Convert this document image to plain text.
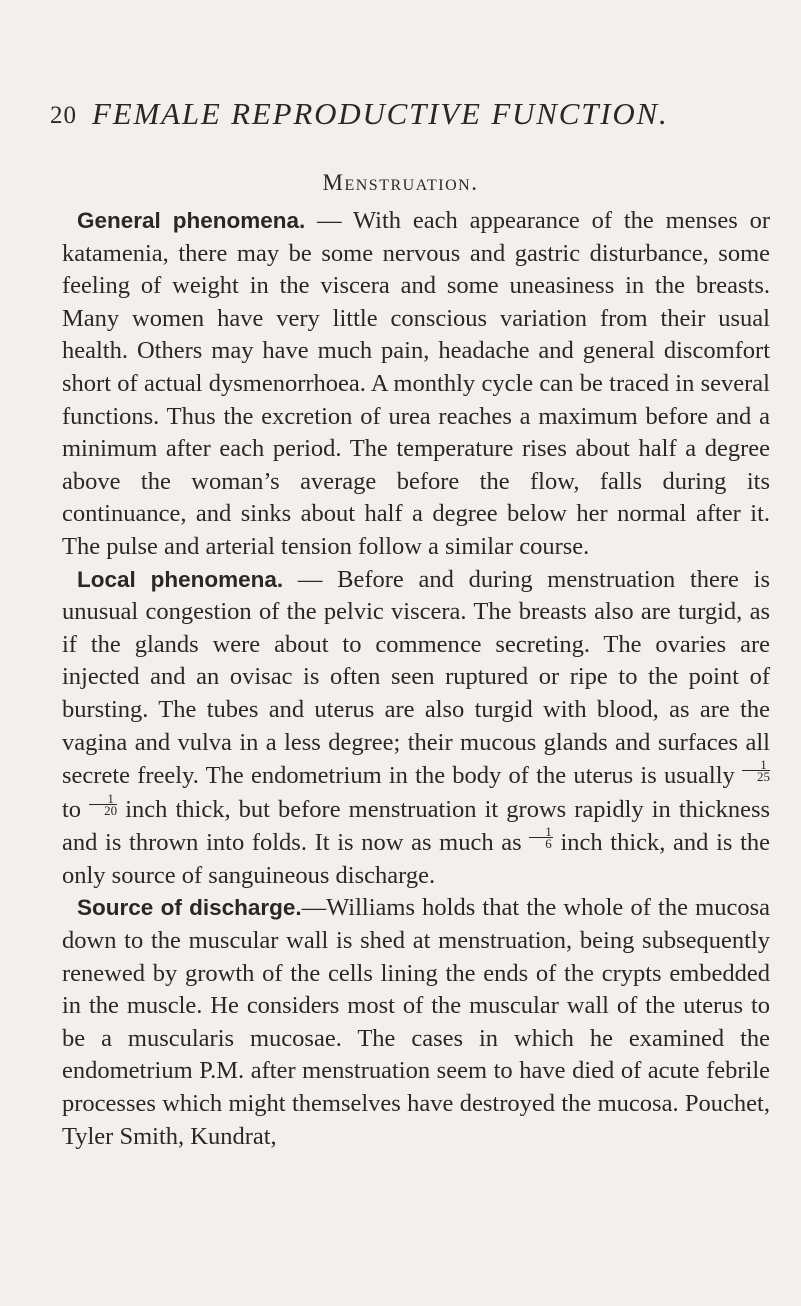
20 FEMALE REPRODUCTIVE FUNCTION.
Menstruation.

General phenomena. — With each appearance of the menses or katamenia, there may be some nervous and gastric disturbance, some feeling of weight in the viscera and some uneasiness in the breasts. Many women have very little conscious variation from their usual health. Others may have much pain, headache and general discomfort short of actual dysmenorrhoea. A monthly cycle can be traced in several functions. Thus the excretion of urea reaches a maximum before and a minimum after each period. The temperature rises about half a degree above the woman’s average before the flow, falls during its continuance, and sinks about half a degree below her normal after it. The pulse and arterial tension follow a similar course.

Local phenomena. — Before and during menstruation there is unusual congestion of the pelvic viscera. The breasts also are turgid, as if the glands were about to commence secreting. The ovaries are injected and an ovisac is often seen ruptured or ripe to the point of bursting. The tubes and uterus are also turgid with blood, as are the vagina and vulva in a less degree; their mucous glands and surfaces all secrete freely. The endometrium in the body of the uterus is usually $\frac{1}{25}$
to $\frac{1}{20}$ inch thick, but before menstruation it grows rapidly in thickness and is thrown into folds. It is now as much as $\frac{1}{6}$ inch thick, and is the only source of sanguineous discharge.

Source of discharge.—Williams holds that the whole of the mucosa down to the muscular wall is shed at menstruation, being subsequently renewed by growth of the cells lining the ends of the crypts embedded in the muscle. He considers most of the muscular wall of the uterus to be a muscularis mucosae. The cases in which he examined the endometrium P.M. after menstruation seem to have died of acute febrile processes which might themselves have destroyed the mucosa. Pouchet, Tyler Smith, Kundrat,
